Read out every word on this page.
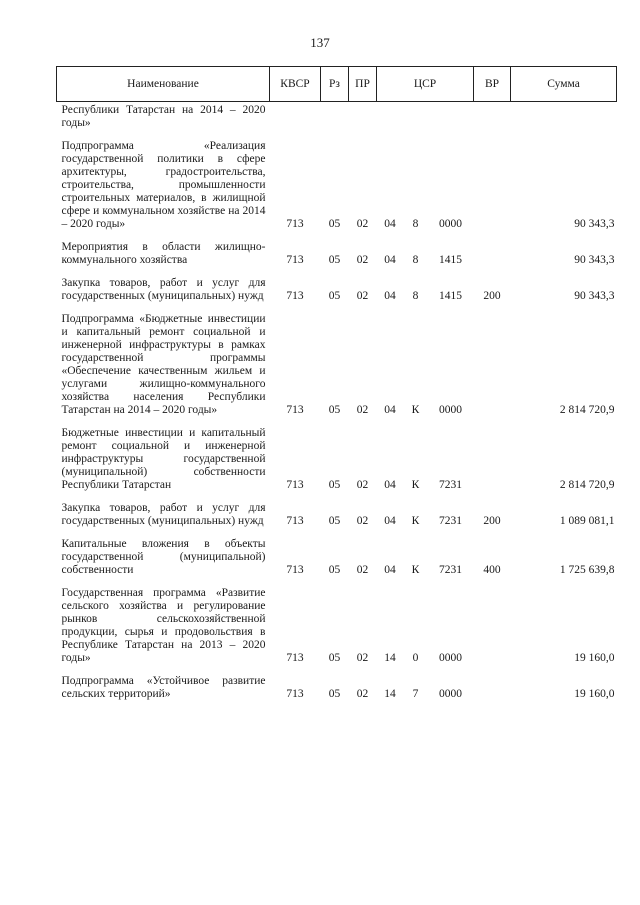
137
Наименование	КВСР	Рз	ПР	ЦСР			ВР	Сумма
Республики Татарстан на 2014 – 2020 годы»								
Подпрограмма «Реализация государственной политики в сфере архитектуры, градостроительства, строительства, промышленности строительных материалов, в жилищной сфере и коммунальном хозяйстве на 2014 – 2020 годы»	713	05	02	04	8	0000		90 343,3
Мероприятия в области жилищно-коммунального хозяйства	713	05	02	04	8	1415		90 343,3
Закупка товаров, работ и услуг для государственных (муниципальных) нужд	713	05	02	04	8	1415	200	90 343,3
Подпрограмма «Бюджетные инвестиции и капитальный ремонт социальной и инженерной инфраструктуры в рамках государственной программы «Обеспечение качественным жильем и услугами жилищно-коммунального хозяйства населения Республики Татарстан на 2014 – 2020 годы»	713	05	02	04	К	0000		2 814 720,9
Бюджетные инвестиции и капитальный ремонт социальной и инженерной инфраструктуры государственной (муниципальной) собственности Республики Татарстан	713	05	02	04	К	7231		2 814 720,9
Закупка товаров, работ и услуг для государственных (муниципальных) нужд	713	05	02	04	К	7231	200	1 089 081,1
Капитальные вложения в объекты государственной (муниципальной) собственности	713	05	02	04	К	7231	400	1 725 639,8
Государственная программа «Развитие сельского хозяйства и регулирование рынков сельскохозяйственной продукции, сырья и продовольствия в Республике Татарстан на 2013 – 2020 годы»	713	05	02	14	0	0000		19 160,0
Подпрограмма «Устойчивое развитие сельских территорий»	713	05	02	14	7	0000		19 160,0
